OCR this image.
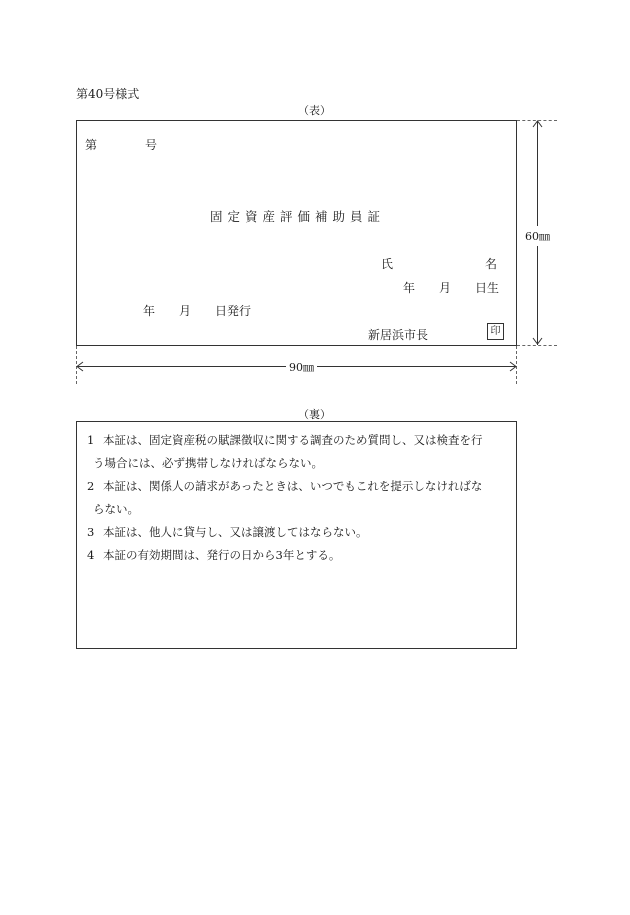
第40号様式
（表）
第　号
固定資産評価補助員証
氏	名
年　　月　　日生
年　　月　　日発行
新居浜市長	印
60㎜
90㎜
（裏）
1 本証は、固定資産税の賦課徴収に関する調査のため質問し、又は検査を行
う場合には、必ず携帯しなければならない。
2 本証は、関係人の請求があったときは、いつでもこれを提示しなければな
らない。
3 本証は、他人に貸与し、又は譲渡してはならない。
4 本証の有効期間は、発行の日から3年とする。
